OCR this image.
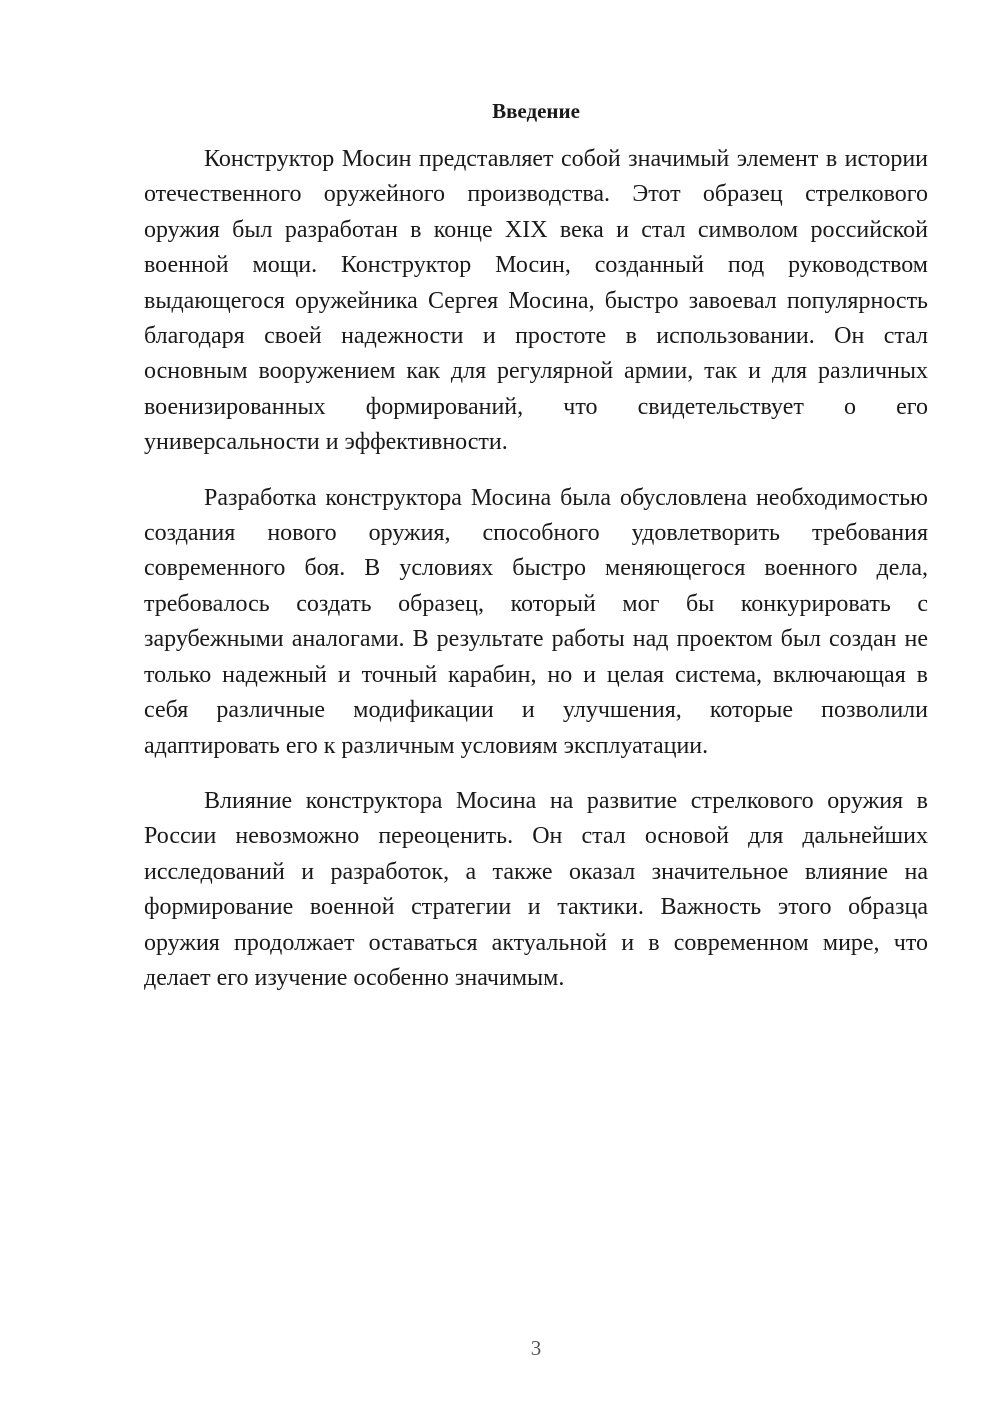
Введение

Конструктор Мосин представляет собой значимый элемент в истории отечественного оружейного производства. Этот образец стрелкового оружия был разработан в конце XIX века и стал символом российской военной мощи. Конструктор Мосин, созданный под руководством выдающегося оружейника Сергея Мосина, быстро завоевал популярность благодаря своей надежности и простоте в использовании. Он стал основным вооружением как для регулярной армии, так и для различных военизированных формирований, что свидетельствует о его универсальности и эффективности.

Разработка конструктора Мосина была обусловлена необходимостью создания нового оружия, способного удовлетворить требования современного боя. В условиях быстро меняющегося военного дела, требовалось создать образец, который мог бы конкурировать с зарубежными аналогами. В результате работы над проектом был создан не только надежный и точный карабин, но и целая система, включающая в себя различные модификации и улучшения, которые позволили адаптировать его к различным условиям эксплуатации.

Влияние конструктора Мосина на развитие стрелкового оружия в России невозможно переоценить. Он стал основой для дальнейших исследований и разработок, а также оказал значительное влияние на формирование военной стратегии и тактики. Важность этого образца оружия продолжает оставаться актуальной и в современном мире, что делает его изучение особенно значимым.

3
